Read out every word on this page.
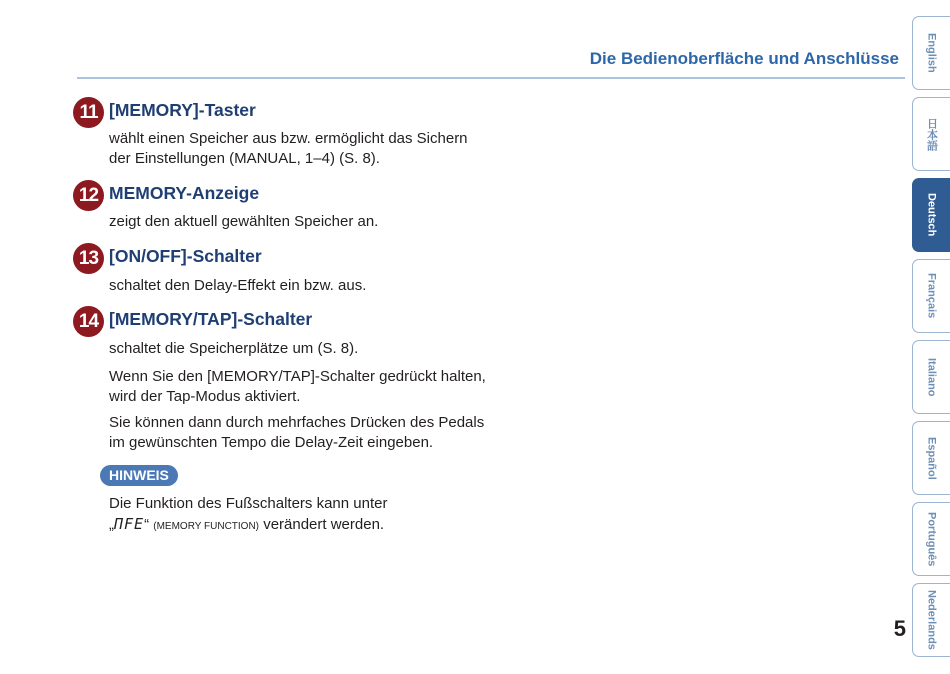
Die Bedienoberfläche und Anschlüsse
11 [MEMORY]-Taster
wählt einen Speicher aus bzw. ermöglicht das Sichern
der Einstellungen (MANUAL, 1–4) (S. 8).
12 MEMORY-Anzeige
zeigt den aktuell gewählten Speicher an.
13 [ON/OFF]-Schalter
schaltet den Delay-Effekt ein bzw. aus.
14 [MEMORY/TAP]-Schalter
schaltet die Speicherplätze um (S. 8).
Wenn Sie den [MEMORY/TAP]-Schalter gedrückt halten,
wird der Tap-Modus aktiviert.
Sie können dann durch mehrfaches Drücken des Pedals
im gewünschten Tempo die Delay-Zeit eingeben.
HINWEIS
Die Funktion des Fußschalters kann unter
„ΠFE“ (MEMORY FUNCTION) verändert werden.
English
日本語
Deutsch
Français
Italiano
Español
Português
Nederlands
5
